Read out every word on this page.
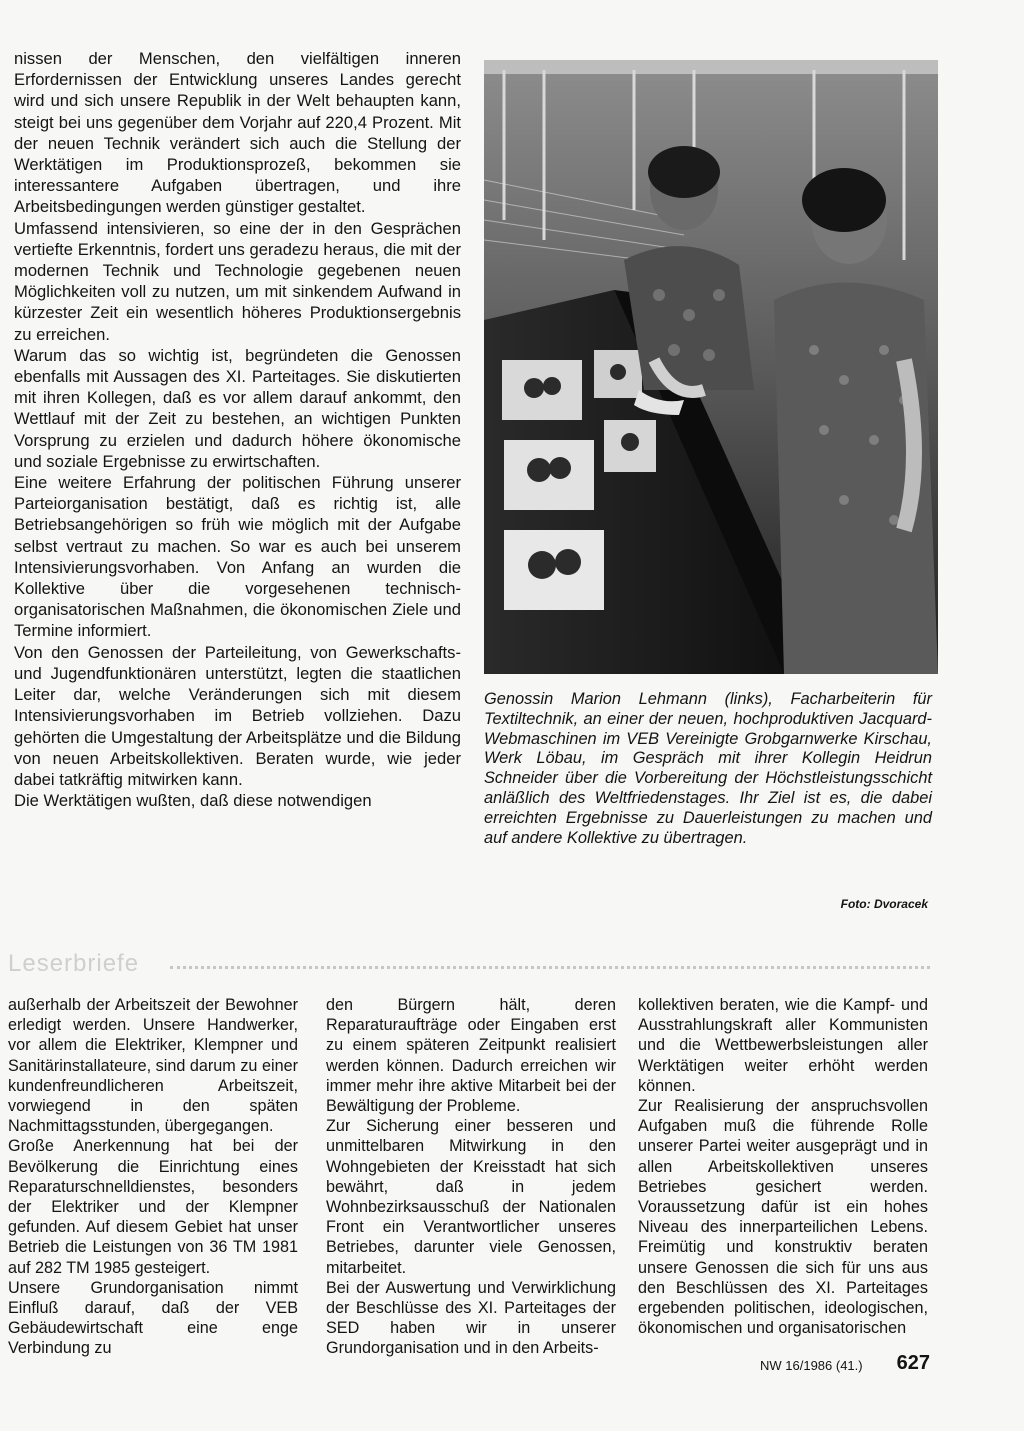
nissen der Menschen, den vielfältigen inneren Erfordernissen der Entwicklung unseres Landes gerecht wird und sich unsere Republik in der Welt behaupten kann, steigt bei uns gegenüber dem Vorjahr auf 220,4 Prozent. Mit der neuen Technik verändert sich auch die Stellung der Werktätigen im Produktionsprozeß, bekommen sie interessantere Aufgaben übertragen, und ihre Arbeitsbedingungen werden günstiger gestaltet.

Umfassend intensivieren, so eine der in den Gesprächen vertiefte Erkenntnis, fordert uns geradezu heraus, die mit der modernen Technik und Technologie gegebenen neuen Möglichkeiten voll zu nutzen, um mit sinkendem Aufwand in kürzester Zeit ein wesentlich höheres Produktionsergebnis zu erreichen.

Warum das so wichtig ist, begründeten die Genossen ebenfalls mit Aussagen des XI. Parteitages. Sie diskutierten mit ihren Kollegen, daß es vor allem darauf ankommt, den Wettlauf mit der Zeit zu bestehen, an wichtigen Punkten Vorsprung zu erzielen und dadurch höhere ökonomische und soziale Ergebnisse zu erwirtschaften.

Eine weitere Erfahrung der politischen Führung unserer Parteiorganisation bestätigt, daß es richtig ist, alle Betriebsangehörigen so früh wie möglich mit der Aufgabe selbst vertraut zu machen. So war es auch bei unserem Intensivierungsvorhaben. Von Anfang an wurden die Kollektive über die vorgesehenen technisch-organisatorischen Maßnahmen, die ökonomischen Ziele und Termine informiert.

Von den Genossen der Parteileitung, von Gewerkschafts- und Jugendfunktionären unterstützt, legten die staatlichen Leiter dar, welche Veränderungen sich mit diesem Intensivierungsvorhaben im Betrieb vollziehen. Dazu gehörten die Umgestaltung der Arbeitsplätze und die Bildung von neuen Arbeitskollektiven. Beraten wurde, wie jeder dabei tatkräftig mitwirken kann.

Die Werktätigen wußten, daß diese notwendigen

Genossin Marion Lehmann (links), Facharbeiterin für Textiltechnik, an einer der neuen, hochproduktiven Jacquard-Webmaschinen im VEB Vereinigte Grobgarnwerke Kirschau, Werk Löbau, im Gespräch mit ihrer Kollegin Heidrun Schneider über die Vorbereitung der Höchstleistungsschicht anläßlich des Weltfriedenstages. Ihr Ziel ist es, die dabei erreichten Ergebnisse zu Dauerleistungen zu machen und auf andere Kollektive zu übertragen.

Foto: Dvoracek
Leserbriefe

außerhalb der Arbeitszeit der Bewohner erledigt werden. Unsere Handwerker, vor allem die Elektriker, Klempner und Sanitärinstallateure, sind darum zu einer kundenfreundlicheren Arbeitszeit, vorwiegend in den späten Nachmittagsstunden, übergegangen.

Große Anerkennung hat bei der Bevölkerung die Einrichtung eines Reparaturschnelldienstes, besonders der Elektriker und der Klempner gefunden. Auf diesem Gebiet hat unser Betrieb die Leistungen von 36 TM 1981 auf 282 TM 1985 gesteigert.

Unsere Grundorganisation nimmt Einfluß darauf, daß der VEB Gebäudewirtschaft eine enge Verbindung zu

den Bürgern hält, deren Reparaturaufträge oder Eingaben erst zu einem späteren Zeitpunkt realisiert werden können. Dadurch erreichen wir immer mehr ihre aktive Mitarbeit bei der Bewältigung der Probleme.

Zur Sicherung einer besseren und unmittelbaren Mitwirkung in den Wohngebieten der Kreisstadt hat sich bewährt, daß in jedem Wohnbezirksausschuß der Nationalen Front ein Verantwortlicher unseres Betriebes, darunter viele Genossen, mitarbeitet.

Bei der Auswertung und Verwirklichung der Beschlüsse des XI. Parteitages der SED haben wir in unserer Grundorganisation und in den Arbeits-

kollektiven beraten, wie die Kampf- und Ausstrahlungskraft aller Kommunisten und die Wettbewerbsleistungen aller Werktätigen weiter erhöht werden können.

Zur Realisierung der anspruchsvollen Aufgaben muß die führende Rolle unserer Partei weiter ausgeprägt und in allen Arbeitskollektiven unseres Betriebes gesichert werden. Voraussetzung dafür ist ein hohes Niveau des innerparteilichen Lebens. Freimütig und konstruktiv beraten unsere Genossen die sich für uns aus den Beschlüssen des XI. Parteitages ergebenden politischen, ideologischen, ökonomischen und organisatorischen

NW 16/1986 (41.) 627
